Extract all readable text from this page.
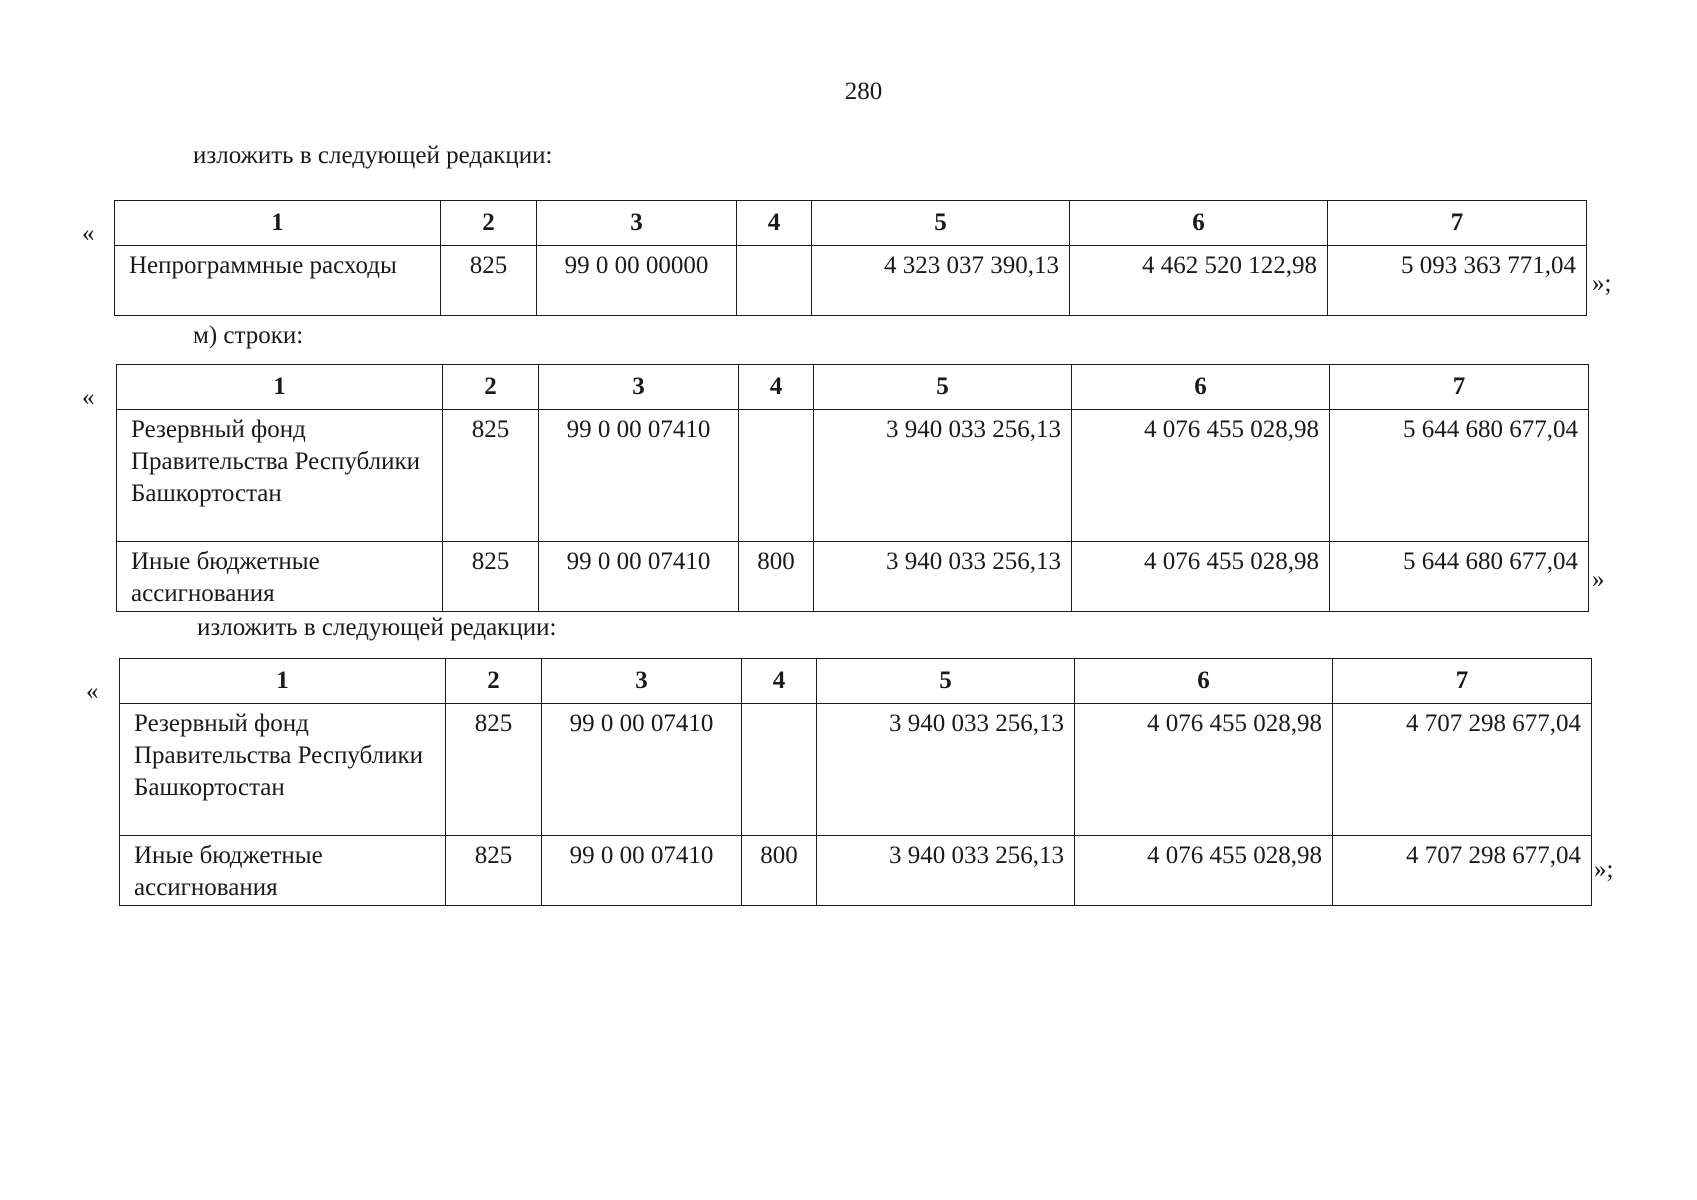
280
изложить в следующей редакции:
«	1	2	3	4	5	6	7
Непрограммные расходы	825	99 0 00 00000		4 323 037 390,13	4 462 520 122,98	5 093 363 771,04
»;
м) строки:
«	1	2	3	4	5	6	7
Резервный фонд Правительства Республики Башкортостан	825	99 0 00 07410		3 940 033 256,13	4 076 455 028,98	5 644 680 677,04
Иные бюджетные ассигнования	825	99 0 00 07410	800	3 940 033 256,13	4 076 455 028,98	5 644 680 677,04
»
изложить в следующей редакции:
«	1	2	3	4	5	6	7
Резервный фонд Правительства Республики Башкортостан	825	99 0 00 07410		3 940 033 256,13	4 076 455 028,98	4 707 298 677,04
Иные бюджетные ассигнования	825	99 0 00 07410	800	3 940 033 256,13	4 076 455 028,98	4 707 298 677,04
»;
